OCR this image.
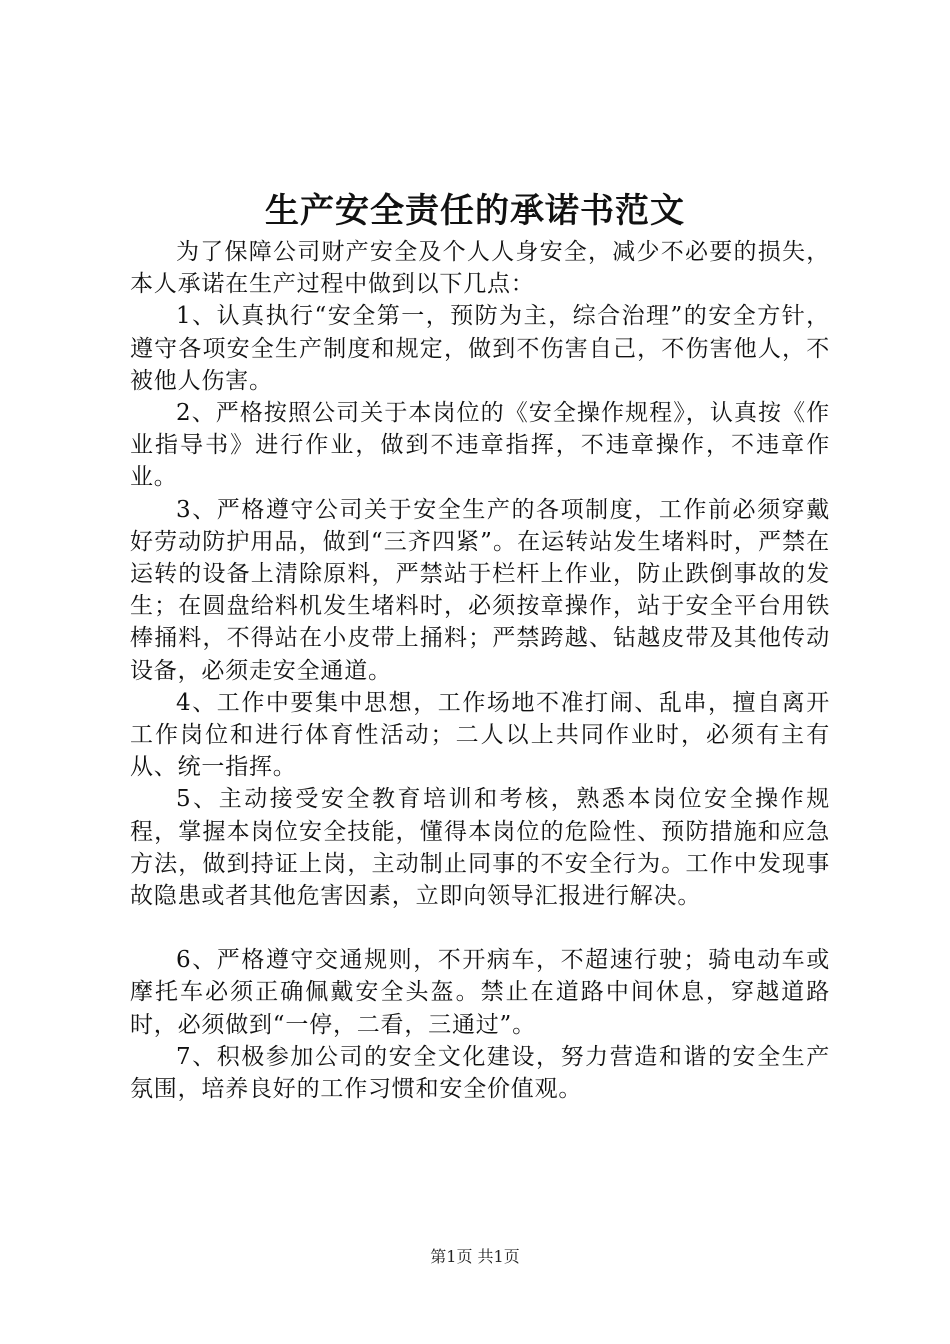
生产安全责任的承诺书范文

为了保障公司财产安全及个人人身安全，减少不必要的损失，本人承诺在生产过程中做到以下几点：

1、认真执行“安全第一，预防为主，综合治理”的安全方针，遵守各项安全生产制度和规定，做到不伤害自己，不伤害他人，不被他人伤害。

2、严格按照公司关于本岗位的《安全操作规程》，认真按《作业指导书》进行作业，做到不违章指挥，不违章操作，不违章作业。

3、严格遵守公司关于安全生产的各项制度，工作前必须穿戴好劳动防护用品，做到“三齐四紧”。在运转站发生堵料时，严禁在运转的设备上清除原料，严禁站于栏杆上作业，防止跌倒事故的发生；在圆盘给料机发生堵料时，必须按章操作，站于安全平台用铁棒捅料，不得站在小皮带上捅料；严禁跨越、钻越皮带及其他传动设备，必须走安全通道。

4、工作中要集中思想，工作场地不准打闹、乱串，擅自离开工作岗位和进行体育性活动；二人以上共同作业时，必须有主有从、统一指挥。

5、主动接受安全教育培训和考核，熟悉本岗位安全操作规程，掌握本岗位安全技能，懂得本岗位的危险性、预防措施和应急方法，做到持证上岗，主动制止同事的不安全行为。工作中发现事故隐患或者其他危害因素，立即向领导汇报进行解决。

6、严格遵守交通规则，不开病车，不超速行驶；骑电动车或摩托车必须正确佩戴安全头盔。禁止在道路中间休息，穿越道路时，必须做到“一停，二看，三通过”。

7、积极参加公司的安全文化建设，努力营造和谐的安全生产氛围，培养良好的工作习惯和安全价值观。

第1页 共1页
